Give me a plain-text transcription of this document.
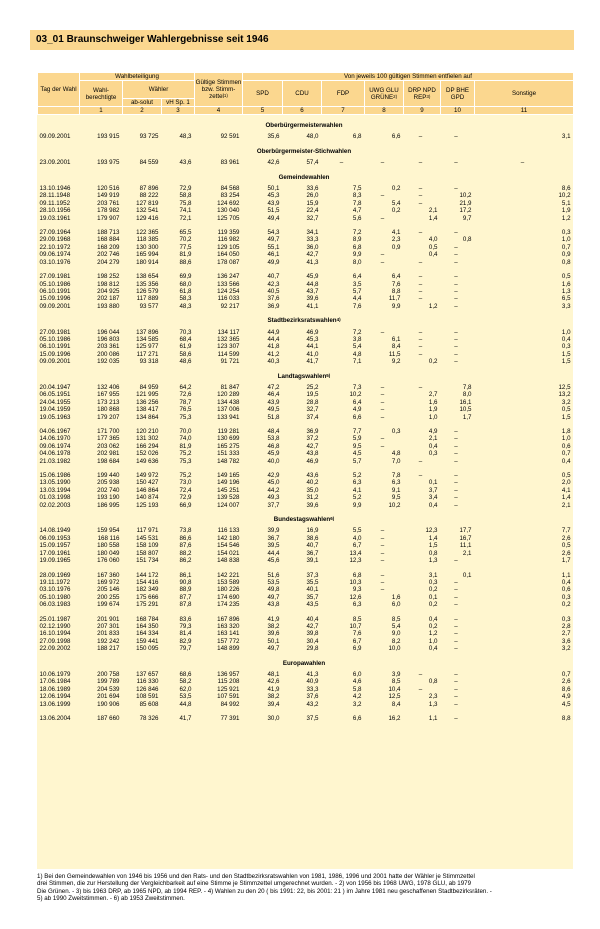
03_01 Braunschweiger Wahlergebnisse seit 1946
Tag der Wahl	Wahlbeteiligung			Gültige Stimmen bzw. Stimm-zettel$^{1)}$	Von jeweils 100 gültigen Stimmen entfielen auf						
	Wahl-berechtigte	Wähler			SPD	CDU	FDP	UWG GLU GRÜNE$^{2)}$	DRP NPD REP$^{3)}$	DP BHE GPD	Sonstige
		ab-solut	vH Sp. 1								
	1	2	3	4	5	6	7	8	9	10	11
Oberbürgermeisterwahlen											
09.09.2001	193 915	93 725	48,3	92 591	35,6	48,0	6,8	6,6	–	–	3,1
Oberbürgermeister-Stichwahlen											
23.09.2001	193 975	84 559	43,6	83 961	42,6	57,4	–	–	–	–	–
Gemeindewahlen											
13.10.1946	120 516	87 896	72,9	84 568	50,1	33,6	7,5	0,2	–	–	8,6
28.11.1948	149 919	88 222	58,8	83 254	45,3	26,0	8,3	–	–	10,2	10,2
09.11.1952	203 761	127 819	75,8	124 692	43,9	15,9	7,8	5,4	–	21,9	5,1
28.10.1956	178 982	132 541	74,1	130 040	51,5	22,4	4,7	0,2	2,1	17,2	1,9
19.03.1961	179 907	129 416	72,1	125 705	49,4	32,7	5,6	–	1,4	9,7	1,2

27.09.1964	188 713	122 365	65,5	119 359	54,3	34,1	7,2	4,1	–	–	0,3
29.09.1968	168 884	118 385	70,2	116 982	49,7	33,3	8,9	2,3	4,0	0,8	1,0
22.10.1972	168 209	130 300	77,5	129 105	55,1	36,0	6,8	0,9	0,5	–	0,7
09.06.1974	202 746	165 994	81,9	164 050	46,1	42,7	9,9	–	0,4	–	0,9
03.10.1976	204 279	180 914	88,6	178 087	49,9	41,3	8,0	–	–	–	0,8

27.09.1981	198 252	138 654	69,9	136 247	40,7	45,9	6,4	6,4	–	–	0,5
05.10.1986	198 812	135 356	68,0	133 566	42,3	44,8	3,5	7,6	–	–	1,6
06.10.1991	204 925	126 579	61,8	124 254	40,5	43,7	5,7	8,8	–	–	1,3
15.09.1996	202 187	117 889	58,3	116 033	37,6	39,6	4,4	11,7	–	–	6,5
09.09.2001	193 880	93 577	48,3	92 217	36,9	41,1	7,6	9,9	1,2	–	3,3
Stadtbezirksratswahlen$^{4)}$
27.09.1981	196 044	137 896	70,3	134 117	44,9	46,9	7,2	–	–	–	1,0
05.10.1986	196 803	134 585	68,4	132 365	44,4	45,3	3,8	6,1	–	–	0,4
06.10.1991	203 361	125 977	61,9	123 307	41,8	44,1	5,4	8,4	–	–	0,3
15.09.1996	200 086	117 271	58,6	114 599	41,2	41,0	4,8	11,5	–	–	1,5
09.09.2001	192 035	93 318	48,6	91 721	40,3	41,7	7,1	9,2	0,2	–	1,5
Landtagswahlen$^{5)}$
20.04.1947	132 406	84 959	64,2	81 847	47,2	25,2	7,3	–	–	7,8	12,5
06.05.1951	167 955	121 995	72,6	120 289	46,4	19,5	10,2	–	2,7	8,0	13,2
24.04.1955	173 213	136 256	78,7	134 438	43,9	28,8	6,4	–	1,6	16,1	3,2
19.04.1959	180 868	138 417	76,5	137 006	49,5	32,7	4,9	–	1,9	10,5	0,5
19.05.1963	179 207	134 864	75,3	133 941	51,8	37,4	6,6	–	1,0	1,7	1,5

04.06.1967	171 700	120 210	70,0	119 281	48,4	36,9	7,7	0,3	4,9	–	1,8
14.06.1970	177 365	131 302	74,0	130 699	53,8	37,2	5,9	–	2,1	–	1,0
09.06.1974	203 062	166 294	81,9	165 275	46,8	42,7	9,5	–	0,4	–	0,6
04.06.1978	202 981	152 026	75,2	151 333	45,9	43,8	4,5	4,8	0,3	–	0,7
21.03.1982	198 684	149 636	75,3	148 782	40,0	46,9	5,7	7,0	–	–	0,4

15.06.1986	199 440	149 972	75,2	149 165	42,9	43,6	5,2	7,8	–	–	0,5
13.05.1990	205 938	150 427	73,0	149 196	45,0	40,2	6,3	6,3	0,1	–	2,0
13.03.1994	202 740	146 864	72,4	145 251	44,2	35,0	4,1	9,1	3,7	–	4,1
01.03.1998	193 190	140 874	72,9	139 528	49,3	31,2	5,2	9,5	3,4	–	1,4
02.02.2003	186 995	125 193	66,9	124 007	37,7	39,6	9,9	10,2	0,4	–	2,1
Bundestagswahlen$^{6)}$
14.08.1949	159 954	117 971	73,8	116 133	39,9	16,9	5,5	–	12,3	17,7	7,7
06.09.1953	168 116	145 531	86,6	142 180	36,7	38,6	4,0	–	1,4	16,7	2,6
15.09.1957	180 558	158 109	87,6	154 546	39,5	40,7	6,7	–	1,5	11,1	0,5
17.09.1961	180 049	158 807	88,2	154 021	44,4	36,7	13,4	–	0,8	2,1	2,6
19.09.1965	176 060	151 734	86,2	148 838	45,6	39,1	12,3	–	1,3	–	1,7

28.09.1969	167 360	144 172	86,1	142 221	51,6	37,3	6,8	–	3,1	0,1	1,1
19.11.1972	169 972	154 416	90,8	153 589	53,5	35,5	10,3	–	0,3	–	0,4
03.10.1976	205 146	182 349	88,9	180 226	49,8	40,1	9,3	–	0,2	–	0,6
05.10.1980	200 255	175 666	87,7	174 690	49,7	35,7	12,6	1,6	0,1	–	0,3
06.03.1983	199 674	175 291	87,8	174 235	43,8	43,5	6,3	6,0	0,2	–	0,2

25.01.1987	201 901	168 784	83,6	167 896	41,9	40,4	8,5	8,5	0,4	–	0,3
02.12.1990	207 301	164 350	79,3	163 320	38,2	42,7	10,7	5,4	0,2	–	2,8
16.10.1994	201 833	164 334	81,4	163 141	39,6	39,8	7,6	9,0	1,2	–	2,7
27.09.1998	192 242	159 441	82,9	157 772	50,1	30,4	6,7	8,2	1,0	–	3,6
22.09.2002	188 217	150 095	79,7	148 899	49,7	29,8	6,9	10,0	0,4	–	3,2
Europawahlen											
10.06.1979	200 758	137 657	68,6	136 957	48,1	41,3	6,0	3,9	–	–	0,7
17.06.1984	199 789	116 330	58,2	115 208	42,6	40,9	4,6	8,5	0,8	–	2,6
18.06.1989	204 539	126 846	62,0	125 921	41,9	33,3	5,8	10,4	–	–	8,6
12.06.1994	201 694	108 591	53,5	107 591	38,2	37,6	4,2	12,5	2,3	–	4,9
13.06.1999	190 906	85 608	44,8	84 992	39,4	43,2	3,2	8,4	1,3	–	4,5

13.06.2004	187 660	78 326	41,7	77 391	30,0	37,5	6,6	16,2	1,1	–	8,8
1) Bei den Gemeindewahlen von 1946 bis 1956 und den Rats- und den Stadtbezirksratswahlen von 1981, 1986, 1996 und 2001 hatte der Wähler je Stimmzettel
drei Stimmen, die zur Herstellung der Vergleichbarkeit auf eine Stimme je Stimmzettel umgerechnet wurden. - 2) von 1956 bis 1968 UWG, 1978 GLU, ab 1979
Die Grünen. - 3) bis 1963 DRP, ab 1965 NPD, ab 1994 REP. - 4) Wahlen zu den 20 ( bis 1991: 22, bis 2001: 21 ) im Jahre 1981 neu geschaffenen Stadtbezirksräten. -
5) ab 1990 Zweitstimmen. - 6) ab 1953 Zweitstimmen.
